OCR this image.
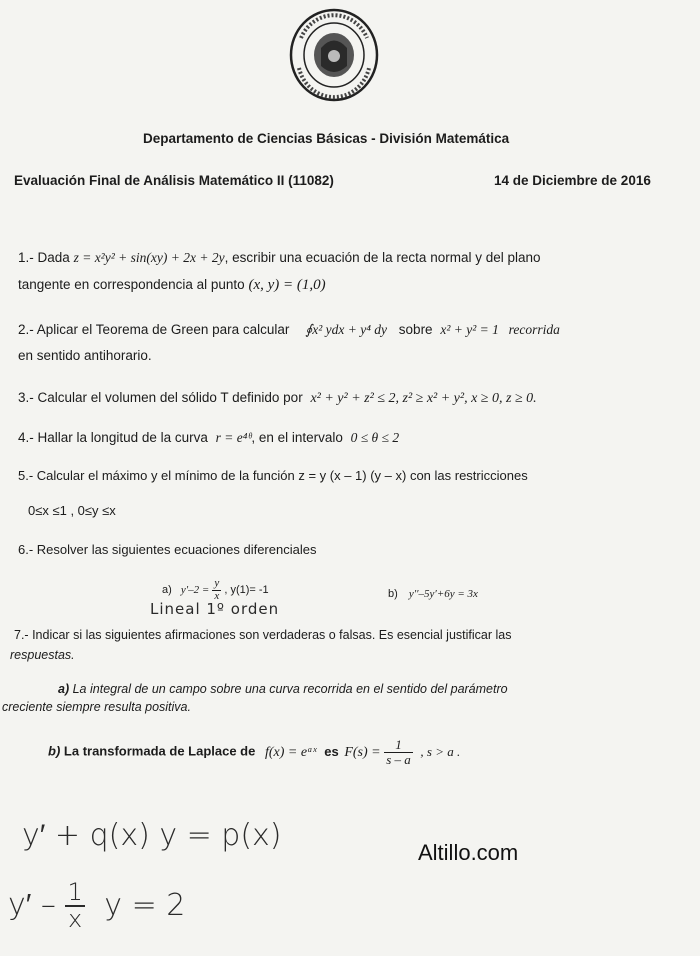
Departamento de Ciencias Básicas - División Matemática
Evaluación Final de Análisis Matemático II (11082)	14 de Diciembre de 2016
1.- Dada z = x²y² + sin(xy) + 2x + 2y, escribir una ecuación de la recta normal y del plano
tangente en correspondencia al punto (x, y) = (1,0)
2.- Aplicar el Teorema de Green para calcular ∮x² ydx + y⁴ dy sobre x² + y² = 1 recorrida
en sentido antihorario.
3.- Calcular el volumen del sólido T definido por x² + y² + z² ≤ 2, z² ≥ x² + y², x ≥ 0, z ≥ 0.
4.- Hallar la longitud de la curva r = e⁴ᶿ, en el intervalo 0 ≤ θ ≤ 2
5.- Calcular el máximo y el mínimo de la función z = y (x – 1) (y – x) con las restricciones
0≤x ≤1 , 0≤y ≤x
6.- Resolver las siguientes ecuaciones diferenciales
a) $y'-2 = \frac{y}{x}$ , y(1)= -1	b) y′′–5y′+6y = 3x
Lineal 1º orden
7.- Indicar si las siguientes afirmaciones son verdaderas o falsas. Es esencial justificar las
respuestas.
a) La integral de un campo sobre una curva recorrida en el sentido del parámetro
creciente siempre resulta positiva.
b) La transformada de Laplace de f(x) = eᵃˣ es $F(s) = \frac{1}{s - a}$ , s > a .
y′ + q(x) y = p(x)
$y' - \frac{1}{x}$ y = 2
Altillo.com
